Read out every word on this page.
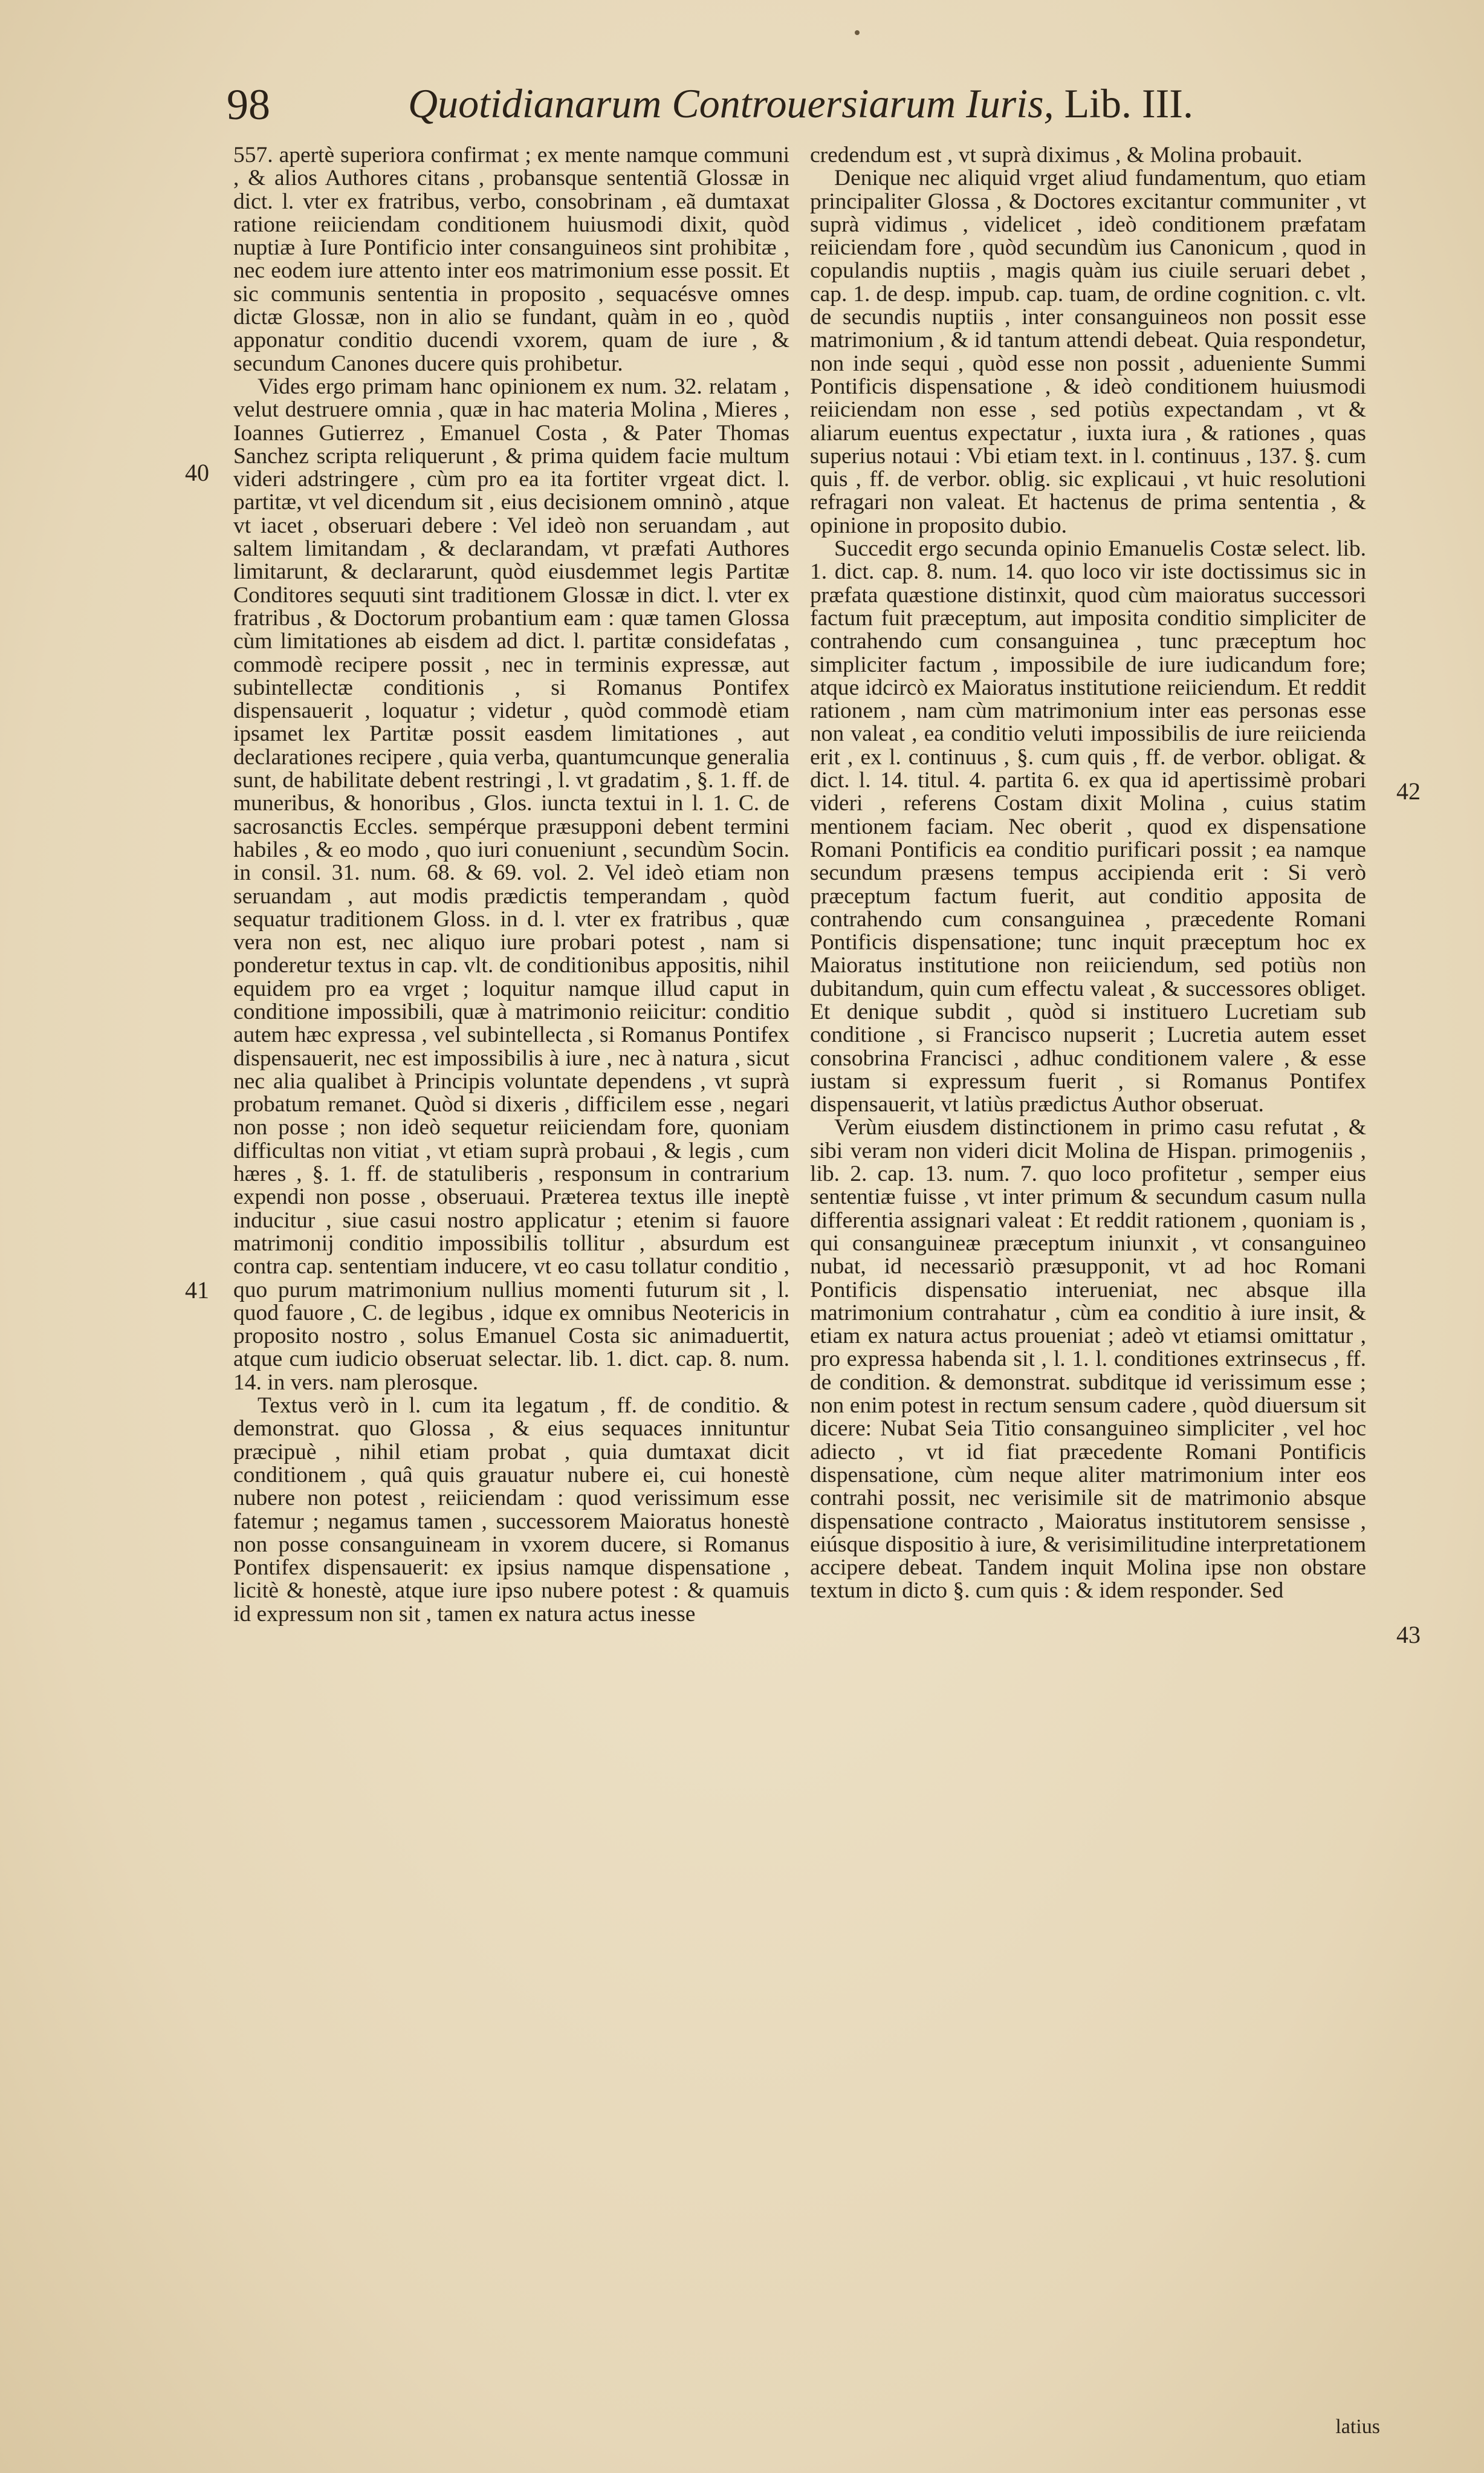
98	Quotidianarum Controuersiarum Iuris, Lib. III.
40
41
42
43

557. apertè superiora confirmat ; ex mente namque communi , & alios Authores citans , probansque sententiã Glossæ in dict. l. vter ex fratribus, verbo, consobrinam , eã dumtaxat ratione reiiciendam conditionem huiusmodi dixit, quòd nuptiæ à Iure Pontificio inter consanguineos sint prohibitæ , nec eodem iure attento inter eos matrimonium esse possit. Et sic communis sententia in proposito , sequacésve omnes dictæ Glossæ, non in alio se fundant, quàm in eo , quòd apponatur conditio ducendi vxorem, quam de iure , & secundum Canones ducere quis prohibetur.

Vides ergo primam hanc opinionem ex num. 32. relatam , velut destruere omnia , quæ in hac materia Molina , Mieres , Ioannes Gutierrez , Emanuel Costa , & Pater Thomas Sanchez scripta reliquerunt , & prima quidem facie multum videri adstringere , cùm pro ea ita fortiter vrgeat dict. l. partitæ, vt vel dicendum sit , eius decisionem omninò , atque vt iacet , obseruari debere : Vel ideò non seruandam , aut saltem limitandam , & declarandam, vt præfati Authores limitarunt, & declararunt, quòd eiusdemmet legis Partitæ Conditores sequuti sint traditionem Glossæ in dict. l. vter ex fratribus , & Doctorum probantium eam : quæ tamen Glossa cùm limitationes ab eisdem ad dict. l. partitæ considefatas , commodè recipere possit , nec in terminis expressæ, aut subintellectæ conditionis , si Romanus Pontifex dispensauerit , loquatur ; videtur , quòd commodè etiam ipsamet lex Partitæ possit easdem limitationes , aut declarationes recipere , quia verba, quantumcunque generalia sunt, de habilitate debent restringi , l. vt gradatim , §. 1. ff. de muneribus, & honoribus , Glos. iuncta textui in l. 1. C. de sacrosanctis Eccles. sempérque præsupponi debent termini habiles , & eo modo , quo iuri conueniunt , secundùm Socin. in consil. 31. num. 68. & 69. vol. 2. Vel ideò etiam non seruandam , aut modis prædictis temperandam , quòd sequatur traditionem Gloss. in d. l. vter ex fratribus , quæ vera non est, nec aliquo iure probari potest , nam si ponderetur textus in cap. vlt. de conditionibus appositis, nihil equidem pro ea vrget ; loquitur namque illud caput in conditione impossibili, quæ à matrimonio reiicitur: conditio autem hæc expressa , vel subintellecta , si Romanus Pontifex dispensauerit, nec est impossibilis à iure , nec à natura , sicut nec alia qualibet à Principis voluntate dependens , vt suprà probatum remanet. Quòd si dixeris , difficilem esse , negari non posse ; non ideò sequetur reiiciendam fore, quoniam difficultas non vitiat , vt etiam suprà probaui , & legis , cum hæres , §. 1. ff. de statuliberis , responsum in contrarium expendi non posse , obseruaui. Præterea textus ille ineptè inducitur , siue casui nostro applicatur ; etenim si fauore matrimonij conditio impossibilis tollitur , absurdum est contra cap. sententiam inducere, vt eo casu tollatur conditio , quo purum matrimonium nullius momenti futurum sit , l. quod fauore , C. de legibus , idque ex omnibus Neotericis in proposito nostro , solus Emanuel Costa sic animaduertit, atque cum iudicio obseruat selectar. lib. 1. dict. cap. 8. num. 14. in vers. nam plerosque.

Textus verò in l. cum ita legatum , ff. de conditio. & demonstrat. quo Glossa , & eius sequaces innituntur præcipuè , nihil etiam probat , quia dumtaxat dicit conditionem , quâ quis grauatur nubere ei, cui honestè nubere non potest , reiiciendam : quod verissimum esse fatemur ; negamus tamen , successorem Maioratus honestè non posse consanguineam in vxorem ducere, si Romanus Pontifex dispensauerit: ex ipsius namque dispensatione , licitè & honestè, atque iure ipso nubere potest : & quamuis id expressum non sit , tamen ex natura actus inesse

credendum est , vt suprà diximus , & Molina probauit.

Denique nec aliquid vrget aliud fundamentum, quo etiam principaliter Glossa , & Doctores excitantur communiter , vt suprà vidimus , videlicet , ideò conditionem præfatam reiiciendam fore , quòd secundùm ius Canonicum , quod in copulandis nuptiis , magis quàm ius ciuile seruari debet , cap. 1. de desp. impub. cap. tuam, de ordine cognition. c. vlt. de secundis nuptiis , inter consanguineos non possit esse matrimonium , & id tantum attendi debeat. Quia respondetur, non inde sequi , quòd esse non possit , adueniente Summi Pontificis dispensatione , & ideò conditionem huiusmodi reiiciendam non esse , sed potiùs expectandam , vt & aliarum euentus expectatur , iuxta iura , & rationes , quas superius notaui : Vbi etiam text. in l. continuus , 137. §. cum quis , ff. de verbor. oblig. sic explicaui , vt huic resolutioni refragari non valeat. Et hactenus de prima sententia , & opinione in proposito dubio.

Succedit ergo secunda opinio Emanuelis Costæ select. lib. 1. dict. cap. 8. num. 14. quo loco vir iste doctissimus sic in præfata quæstione distinxit, quod cùm maioratus successori factum fuit præceptum, aut imposita conditio simpliciter de contrahendo cum consanguinea , tunc præceptum hoc simpliciter factum , impossibile de iure iudicandum fore; atque idcircò ex Maioratus institutione reiiciendum. Et reddit rationem , nam cùm matrimonium inter eas personas esse non valeat , ea conditio veluti impossibilis de iure reiicienda erit , ex l. continuus , §. cum quis , ff. de verbor. obligat. & dict. l. 14. titul. 4. partita 6. ex qua id apertissimè probari videri , referens Costam dixit Molina , cuius statim mentionem faciam. Nec oberit , quod ex dispensatione Romani Pontificis ea conditio purificari possit ; ea namque secundum præsens tempus accipienda erit : Si verò præceptum factum fuerit, aut conditio apposita de contrahendo cum consanguinea , præcedente Romani Pontificis dispensatione; tunc inquit præceptum hoc ex Maioratus institutione non reiiciendum, sed potiùs non dubitandum, quin cum effectu valeat , & successores obliget. Et denique subdit , quòd si instituero Lucretiam sub conditione , si Francisco nupserit ; Lucretia autem esset consobrina Francisci , adhuc conditionem valere , & esse iustam si expressum fuerit , si Romanus Pontifex dispensauerit, vt latiùs prædictus Author obseruat.

Verùm eiusdem distinctionem in primo casu refutat , & sibi veram non videri dicit Molina de Hispan. primogeniis , lib. 2. cap. 13. num. 7. quo loco profitetur , semper eius sententiæ fuisse , vt inter primum & secundum casum nulla differentia assignari valeat : Et reddit rationem , quoniam is , qui consanguineæ præceptum iniunxit , vt consanguineo nubat, id necessariò præsupponit, vt ad hoc Romani Pontificis dispensatio interueniat, nec absque illa matrimonium contrahatur , cùm ea conditio à iure insit, & etiam ex natura actus proueniat ; adeò vt etiamsi omittatur , pro expressa habenda sit , l. 1. l. conditiones extrinsecus , ff. de condition. & demonstrat. subditque id verissimum esse ; non enim potest in rectum sensum cadere , quòd diuersum sit dicere: Nubat Seia Titio consanguineo simpliciter , vel hoc adiecto , vt id fiat præcedente Romani Pontificis dispensatione, cùm neque aliter matrimonium inter eos contrahi possit, nec verisimile sit de matrimonio absque dispensatione contracto , Maioratus institutorem sensisse , eiúsque dispositio à iure, & verisimilitudine interpretationem accipere debeat. Tandem inquit Molina ipse non obstare textum in dicto §. cum quis : & idem responder. Sed

latius
